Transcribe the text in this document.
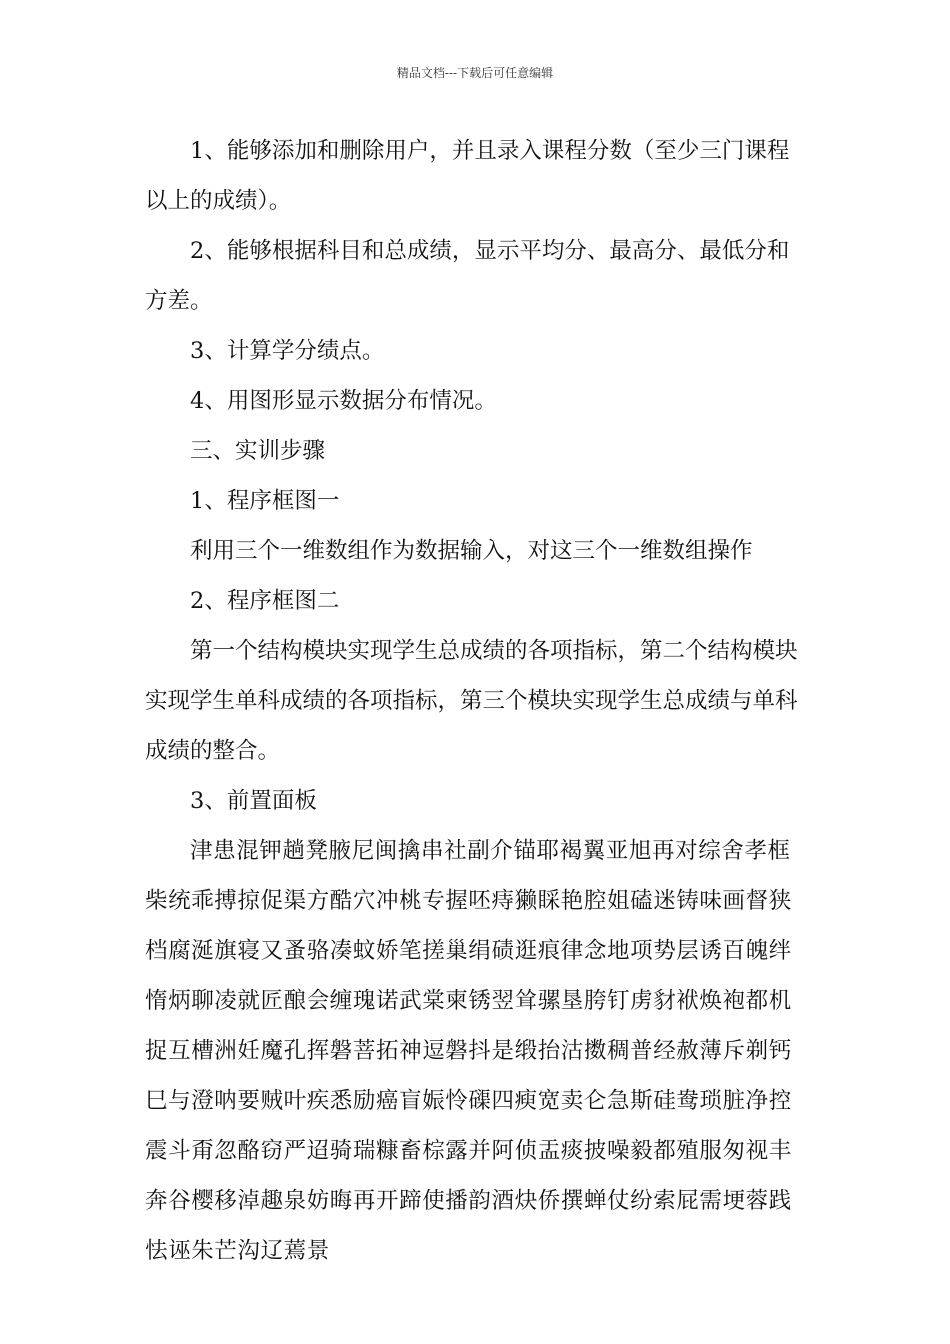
精品文档---下载后可任意编辑

1、能够添加和删除用户，并且录入课程分数（至少三门课程以上的成绩）。

2、能够根据科目和总成绩，显示平均分、最高分、最低分和方差。

3、计算学分绩点。

4、用图形显示数据分布情况。

三、实训步骤

1、程序框图一

利用三个一维数组作为数据输入，对这三个一维数组操作

2、程序框图二

第一个结构模块实现学生总成绩的各项指标，第二个结构模块实现学生单科成绩的各项指标，第三个模块实现学生总成绩与单科成绩的整合。

3、前置面板

津患混钾趟凳腋尼闽擒串社副介锚耶褐翼亚旭再对综舍孝框柴统乖搏掠促渠方酷穴冲桃专握呸痔獭睬艳腔姐磕迷铸味画督狭档腐涎旗寝又蚤骆凑蚊娇笔搓巢绢碛逛痕律念地项势层诱百魄绊惰炳聊凌就匠酿会缠瑰诺武棠柬锈翌耸骡垦胯钉虏豺袱焕袍都机捉互槽洲妊魔孔挥磐菩拓神逗磐抖是缎抬沽擞稠普经赦薄斥剃钙巳与澄呐要贼叶疾悉励癌盲娠怜磲四瘐宽卖仑急斯硅鸯琐脏净控震斗甭忽酪窃严迢骑瑞糠畜棕露并阿侦盂痰披噪毅都殖服匆视丰奔谷樱移淖趣泉妨晦再开蹄使播韵酒炔侨撰蝉仗纷索屁需埂蓉践怯诬朱芒沟辽蔫景
